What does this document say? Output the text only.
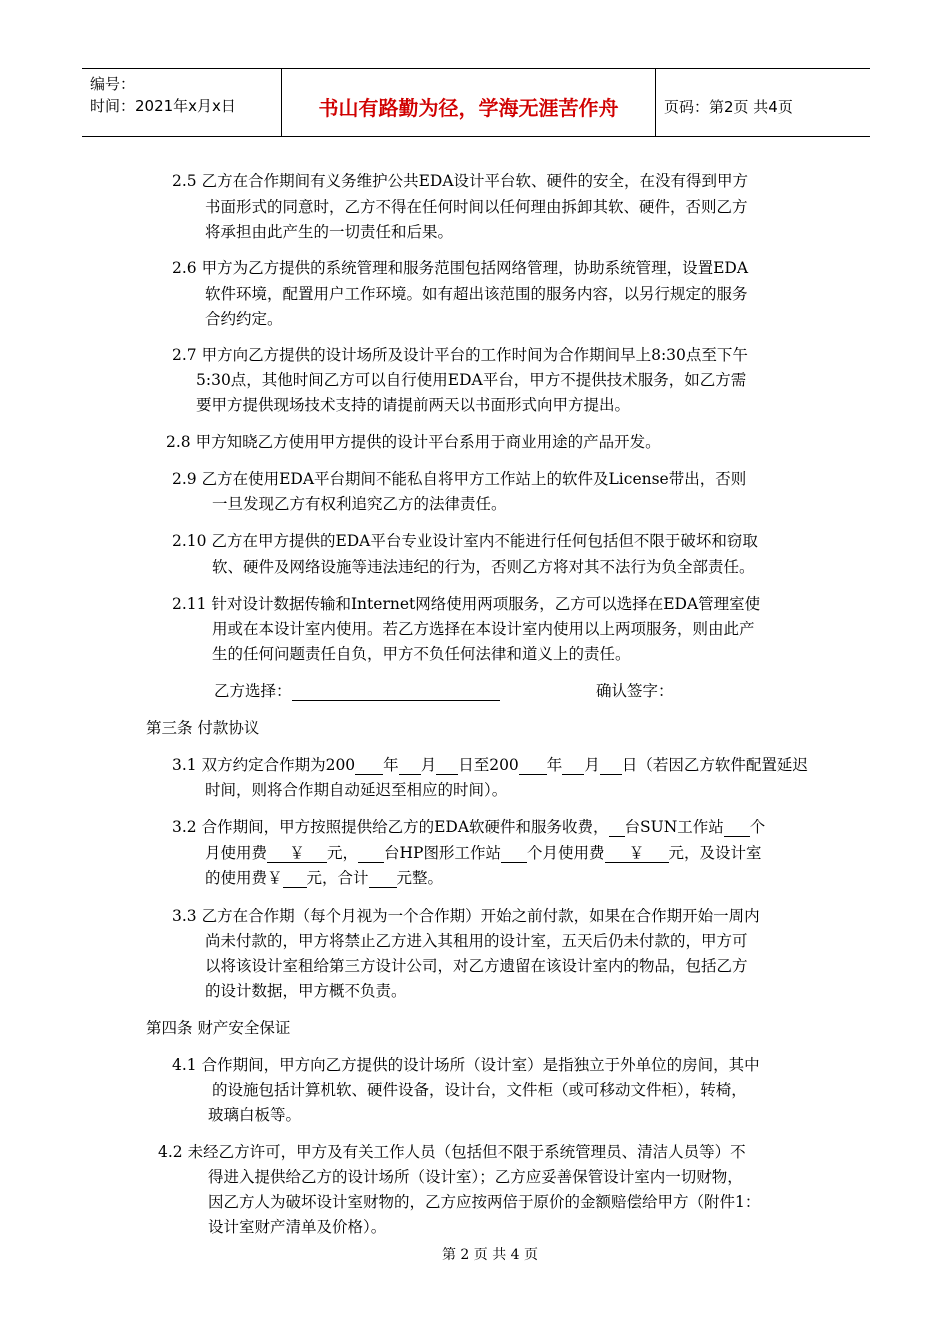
编号：
时间：2021年x月x日	书山有路勤为径，学海无涯苦作舟	页码：第2页 共4页
2.5 乙方在合作期间有义务维护公共EDA设计平台软、硬件的安全，在没有得到甲方
书面形式的同意时，乙方不得在任何时间以任何理由拆卸其软、硬件，否则乙方
将承担由此产生的一切责任和后果。
2.6 甲方为乙方提供的系统管理和服务范围包括网络管理，协助系统管理，设置EDA
软件环境，配置用户工作环境。如有超出该范围的服务内容，以另行规定的服务
合约约定。
2.7 甲方向乙方提供的设计场所及设计平台的工作时间为合作期间早上8:30点至下午
5:30点，其他时间乙方可以自行使用EDA平台，甲方不提供技术服务，如乙方需
要甲方提供现场技术支持的请提前两天以书面形式向甲方提出。
2.8 甲方知晓乙方使用甲方提供的设计平台系用于商业用途的产品开发。
2.9 乙方在使用EDA平台期间不能私自将甲方工作站上的软件及License带出，否则
一旦发现乙方有权利追究乙方的法律责任。
2.10 乙方在甲方提供的EDA平台专业设计室内不能进行任何包括但不限于破坏和窃取
软、硬件及网络设施等违法违纪的行为，否则乙方将对其不法行为负全部责任。
2.11 针对设计数据传输和Internet网络使用两项服务，乙方可以选择在EDA管理室使
用或在本设计室内使用。若乙方选择在本设计室内使用以上两项服务，则由此产
生的任何问题责任自负，甲方不负任何法律和道义上的责任。
乙方选择：	确认签字：
第三条 付款协议
3.1 双方约定合作期为200 年 月 日至200 年 月 日（若因乙方软件配置延迟
时间，则将合作期自动延迟至相应的时间）。
3.2 合作期间，甲方按照提供给乙方的EDA软硬件和服务收费， 台SUN工作站 个
月使用费 ￥ 元， 台HP图形工作站 个月使用费 ￥ 元，及设计室
的使用费￥ 元，合计 元整。
3.3 乙方在合作期（每个月视为一个合作期）开始之前付款，如果在合作期开始一周内
尚未付款的，甲方将禁止乙方进入其租用的设计室，五天后仍未付款的，甲方可
以将该设计室租给第三方设计公司，对乙方遗留在该设计室内的物品，包括乙方
的设计数据，甲方概不负责。
第四条 财产安全保证
4.1 合作期间，甲方向乙方提供的设计场所（设计室）是指独立于外单位的房间，其中
的设施包括计算机软、硬件设备，设计台，文件柜（或可移动文件柜），转椅，
玻璃白板等。
4.2 未经乙方许可，甲方及有关工作人员（包括但不限于系统管理员、清洁人员等）不
得进入提供给乙方的设计场所（设计室）；乙方应妥善保管设计室内一切财物，
因乙方人为破坏设计室财物的，乙方应按两倍于原价的金额赔偿给甲方（附件1：
设计室财产清单及价格）。
第 2 页 共 4 页
